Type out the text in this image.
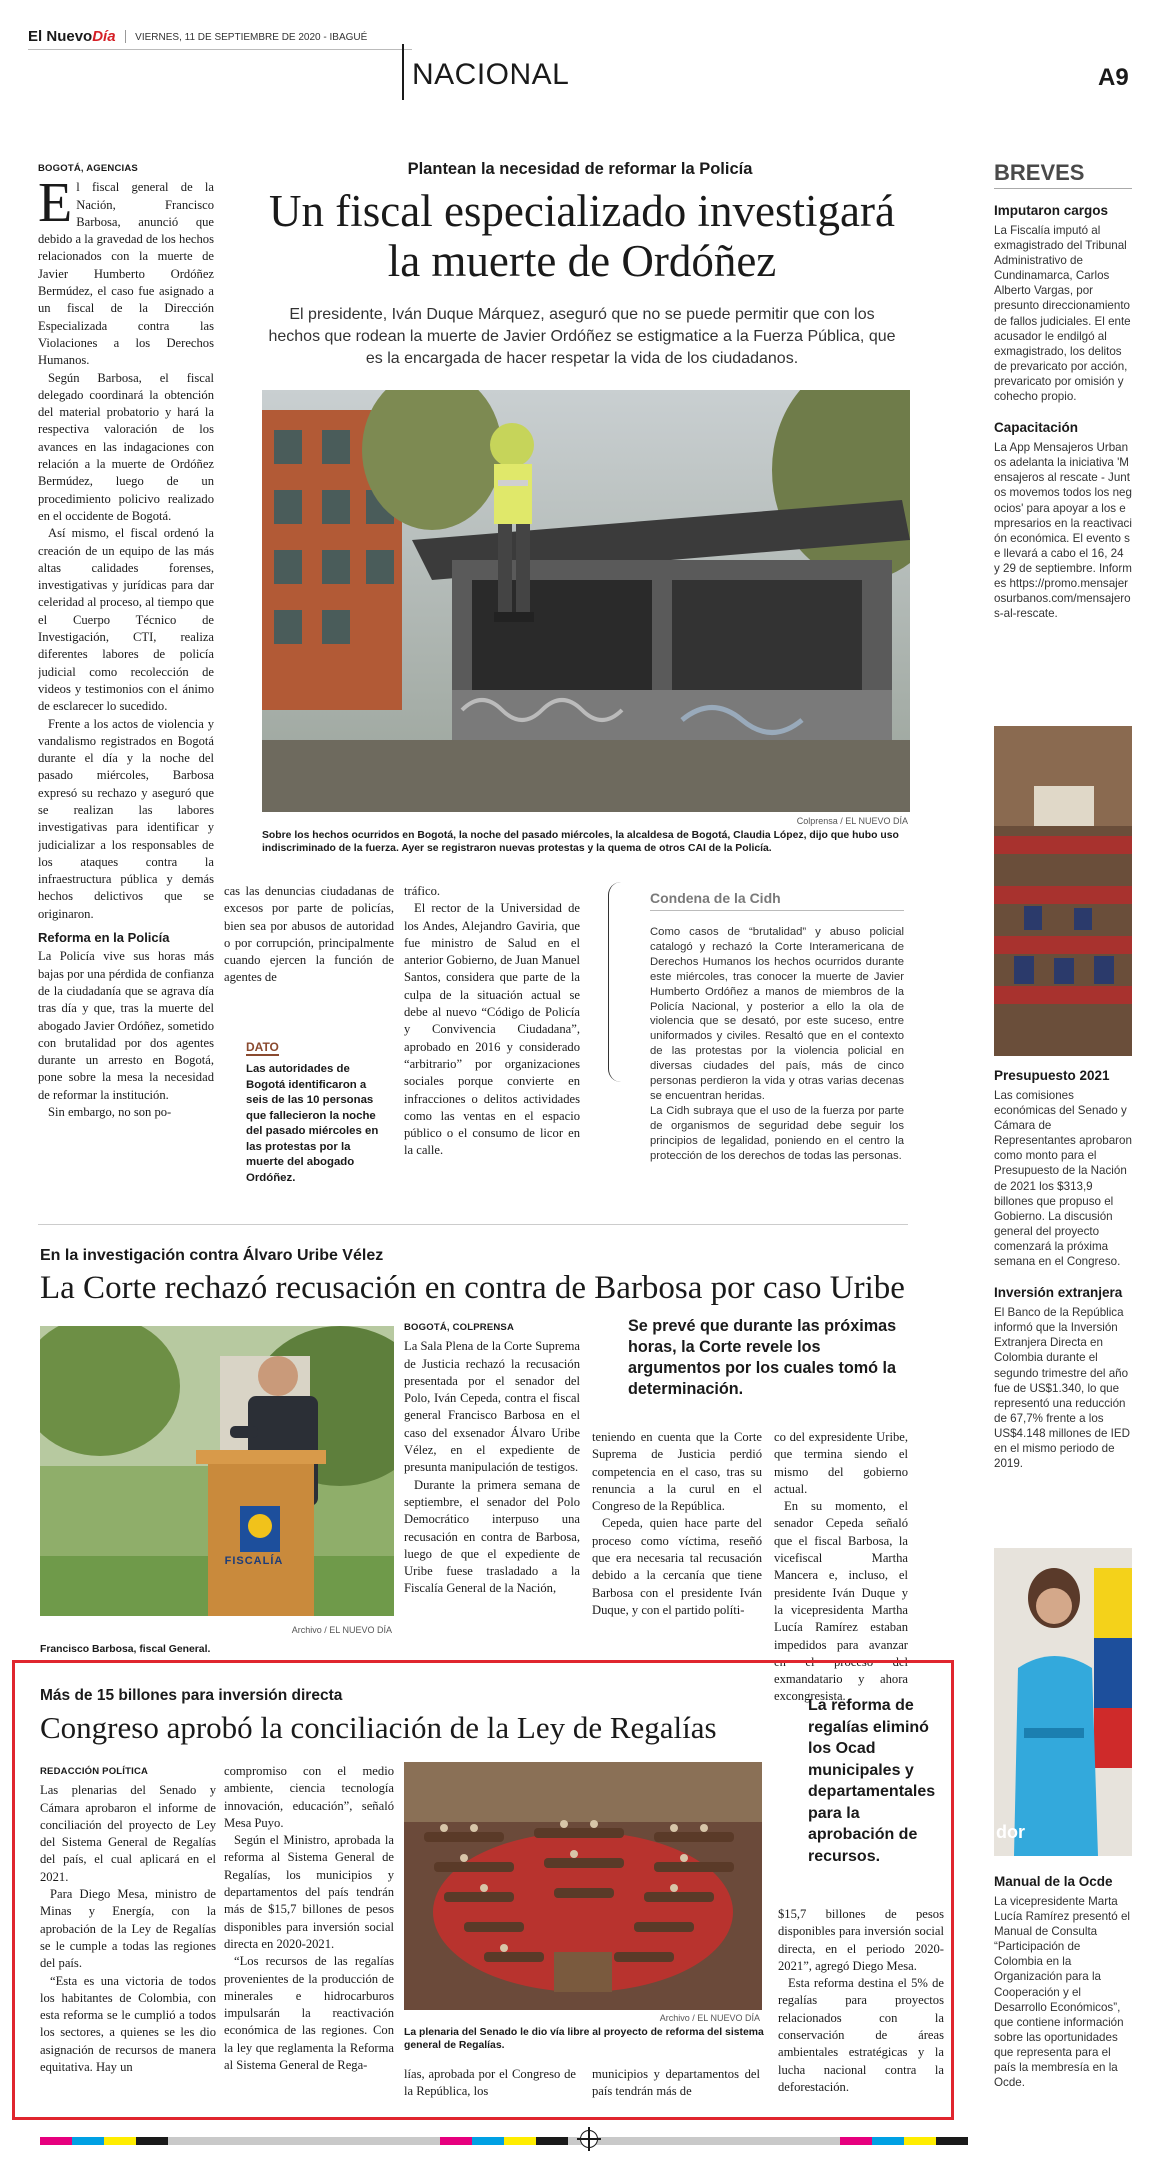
El NuevoDía VIERNES, 11 DE SEPTIEMBRE DE 2020 - IBAGUÉ
NACIONAL	A9
Plantean la necesidad de reformar la Policía
Un fiscal especializado investigará
la muerte de Ordóñez
El presidente, Iván Duque Márquez, aseguró que no se puede permitir que con los hechos que rodean la muerte de Javier Ordóñez se estigmatice a la Fuerza Pública, que es la encargada de hacer respetar la vida de los ciudadanos.
BOGOTÁ, AGENCIAS
E l fiscal general de la Nación, Francisco Barbosa, anunció que debido a la gravedad de los hechos relacionados con la muerte de Javier Humberto Ordóñez Bermúdez, el caso fue asignado a un fiscal de la Dirección Especializada contra las Violaciones a los Derechos Humanos.

Según Barbosa, el fiscal delegado coordinará la obtención del material probatorio y hará la respectiva valoración de los avances en las indagaciones con relación a la muerte de Ordóñez Bermúdez, luego de un procedimiento policivo realizado en el occidente de Bogotá.

Así mismo, el fiscal ordenó la creación de un equipo de las más altas calidades forenses, investigativas y jurídicas para dar celeridad al proceso, al tiempo que el Cuerpo Técnico de Investigación, CTI, realiza diferentes labores de policía judicial como recolección de videos y testimonios con el ánimo de esclarecer lo sucedido.

Frente a los actos de violencia y vandalismo registrados en Bogotá durante el día y la noche del pasado miércoles, Barbosa expresó su rechazo y aseguró que se realizan las labores investigativas para identificar y judicializar a los responsables de los ataques contra la infraestructura pública y demás hechos delictivos que se originaron.

Reforma en la Policía

La Policía vive sus horas más bajas por una pérdida de confianza de la ciudadanía que se agrava día tras día y que, tras la muerte del abogado Javier Ordóñez, sometido con brutalidad por dos agentes durante un arresto en Bogotá, pone sobre la mesa la necesidad de reformar la institución.

Sin embargo, no son po-

Colprensa / EL NUEVO DÍA
Sobre los hechos ocurridos en Bogotá, la noche del pasado miércoles, la alcaldesa de Bogotá, Claudia López, dijo que hubo uso indiscriminado de la fuerza. Ayer se registraron nuevas protestas y la quema de otros CAI de la Policía.

cas las denuncias ciudadanas de excesos por parte de policías, bien sea por abusos de autoridad o por corrupción, principalmente cuando ejercen la función de agentes de

DATO
Las autoridades de Bogotá identificaron a seis de las 10 personas que fallecieron la noche del pasado miércoles en las protestas por la muerte del abogado Ordóñez.

tráfico.

El rector de la Universidad de los Andes, Alejandro Gaviria, que fue ministro de Salud en el anterior Gobierno, de Juan Manuel Santos, considera que parte de la culpa de la situación actual se debe al nuevo “Código de Policía y Convivencia Ciudadana”, aprobado en 2016 y considerado “arbitrario” por organizaciones sociales porque convierte en infracciones o delitos actividades como las ventas en el espacio público o el consumo de licor en la calle.

Condena de la Cidh
Como casos de “brutalidad” y abuso policial catalogó y rechazó la Corte Interamericana de Derechos Humanos los hechos ocurridos durante este miércoles, tras conocer la muerte de Javier Humberto Ordóñez a manos de miembros de la Policía Nacional, y posterior a ello la ola de violencia que se desató, por este suceso, entre uniformados y civiles. Resaltó que en el contexto de las protestas por la violencia policial en diversas ciudades del país, más de cinco personas perdieron la vida y otras varias decenas se encuentran heridas.
La Cidh subraya que el uso de la fuerza por parte de organismos de seguridad debe seguir los principios de legalidad, poniendo en el centro la protección de los derechos de todas las personas.
En la investigación contra Álvaro Uribe Vélez
La Corte rechazó recusación en contra de Barbosa por caso Uribe
FISCALÍA
Archivo / EL NUEVO DÍA
Francisco Barbosa, fiscal General.
BOGOTÁ, COLPRENSA

La Sala Plena de la Corte Suprema de Justicia rechazó la recusación presentada por el senador del Polo, Iván Cepeda, contra el fiscal general Francisco Barbosa en el caso del exsenador Álvaro Uribe Vélez, en el expediente de presunta manipulación de testigos.

Durante la primera semana de septiembre, el senador del Polo Democrático interpuso una recusación en contra de Barbosa, luego de que el expediente de Uribe fuese trasladado a la Fiscalía General de la Nación,

Se prevé que durante las próximas horas, la Corte revele los argumentos por los cuales tomó la determinación.

teniendo en cuenta que la Corte Suprema de Justicia perdió competencia en el caso, tras su renuncia a la curul en el Congreso de la República.

Cepeda, quien hace parte del proceso como víctima, reseñó que era necesaria tal recusación debido a la cercanía que tiene Barbosa con el presidente Iván Duque, y con el partido políti-

co del expresidente Uribe, que termina siendo el mismo del gobierno actual.

En su momento, el senador Cepeda señaló que el fiscal Barbosa, la vicefiscal Martha Mancera e, incluso, el presidente Iván Duque y la vicepresidenta Martha Lucía Ramírez estaban impedidos para avanzar en el proceso del exmandatario y ahora excongresista.

Más de 15 billones para inversión directa
Congreso aprobó la conciliación de la Ley de Regalías
REDACCIÓN POLÍTICA

Las plenarias del Senado y Cámara aprobaron el informe de conciliación del proyecto de Ley del Sistema General de Regalías del país, el cual aplicará en el 2021.

Para Diego Mesa, ministro de Minas y Energía, con la aprobación de la Ley de Regalías se le cumple a todas las regiones del país.

“Esta es una victoria de todos los habitantes de Colombia, con esta reforma se le cumplió a todos los sectores, a quienes se les dio asignación de recursos de manera equitativa. Hay un

compromiso con el medio ambiente, ciencia tecnología innovación, educación”, señaló Mesa Puyo.

Según el Ministro, aprobada la reforma al Sistema General de Regalías, los municipios y departamentos del país tendrán más de $15,7 billones de pesos disponibles para inversión social directa en 2020-2021.

“Los recursos de las regalías provenientes de la producción de minerales e hidrocarburos impulsarán la reactivación económica de las regiones. Con la ley que reglamenta la Reforma al Sistema General de Rega-

Archivo / EL NUEVO DÍA
La plenaria del Senado le dio vía libre al proyecto de reforma del sistema general de Regalías.

lías, aprobada por el Congreso de la República, los

municipios y departamentos del país tendrán más de

La reforma de regalías eliminó los Ocad municipales y departamentales para la aprobación de recursos.

$15,7 billones de pesos disponibles para inversión social directa, en el periodo 2020-2021”, agregó Diego Mesa.

Esta reforma destina el 5% de regalías para proyectos relacionados con la conservación de áreas ambientales estratégicas y la lucha nacional contra la deforestación.

BREVES
Imputaron cargos
La Fiscalía imputó al exmagistrado del Tribunal Administrativo de Cundinamarca, Carlos Alberto Vargas, por presunto direccionamiento de fallos judiciales. El ente acusador le endilgó al exmagistrado, los delitos de prevaricato por acción, prevaricato por omisión y cohecho propio.
Capacitación
La App Mensajeros Urbanos adelanta la iniciativa 'Mensajeros al rescate - Juntos movemos todos los negocios' para apoyar a los empresarios en la reactivación económica. El evento se llevará a cabo el 16, 24 y 29 de septiembre. Informes https://promo.mensajerosurbanos.com/mensajeros-al-rescate.
Presupuesto 2021
Las comisiones económicas del Senado y Cámara de Representantes aprobaron como monto para el Presupuesto de la Nación de 2021 los $313,9 billones que propuso el Gobierno. La discusión general del proyecto comenzará la próxima semana en el Congreso.
Inversión extranjera
El Banco de la República informó que la Inversión Extranjera Directa en Colombia durante el segundo trimestre del año fue de US$1.340, lo que representó una reducción de 67,7% frente a los US$4.148 millones de IED en el mismo periodo de 2019.
dor
Manual de la Ocde
La vicepresidente Marta Lucía Ramírez presentó el Manual de Consulta “Participación de Colombia en la Organización para la Cooperación y el Desarrollo Económicos”, que contiene información sobre las oportunidades que representa para el país la membresía en la Ocde.
